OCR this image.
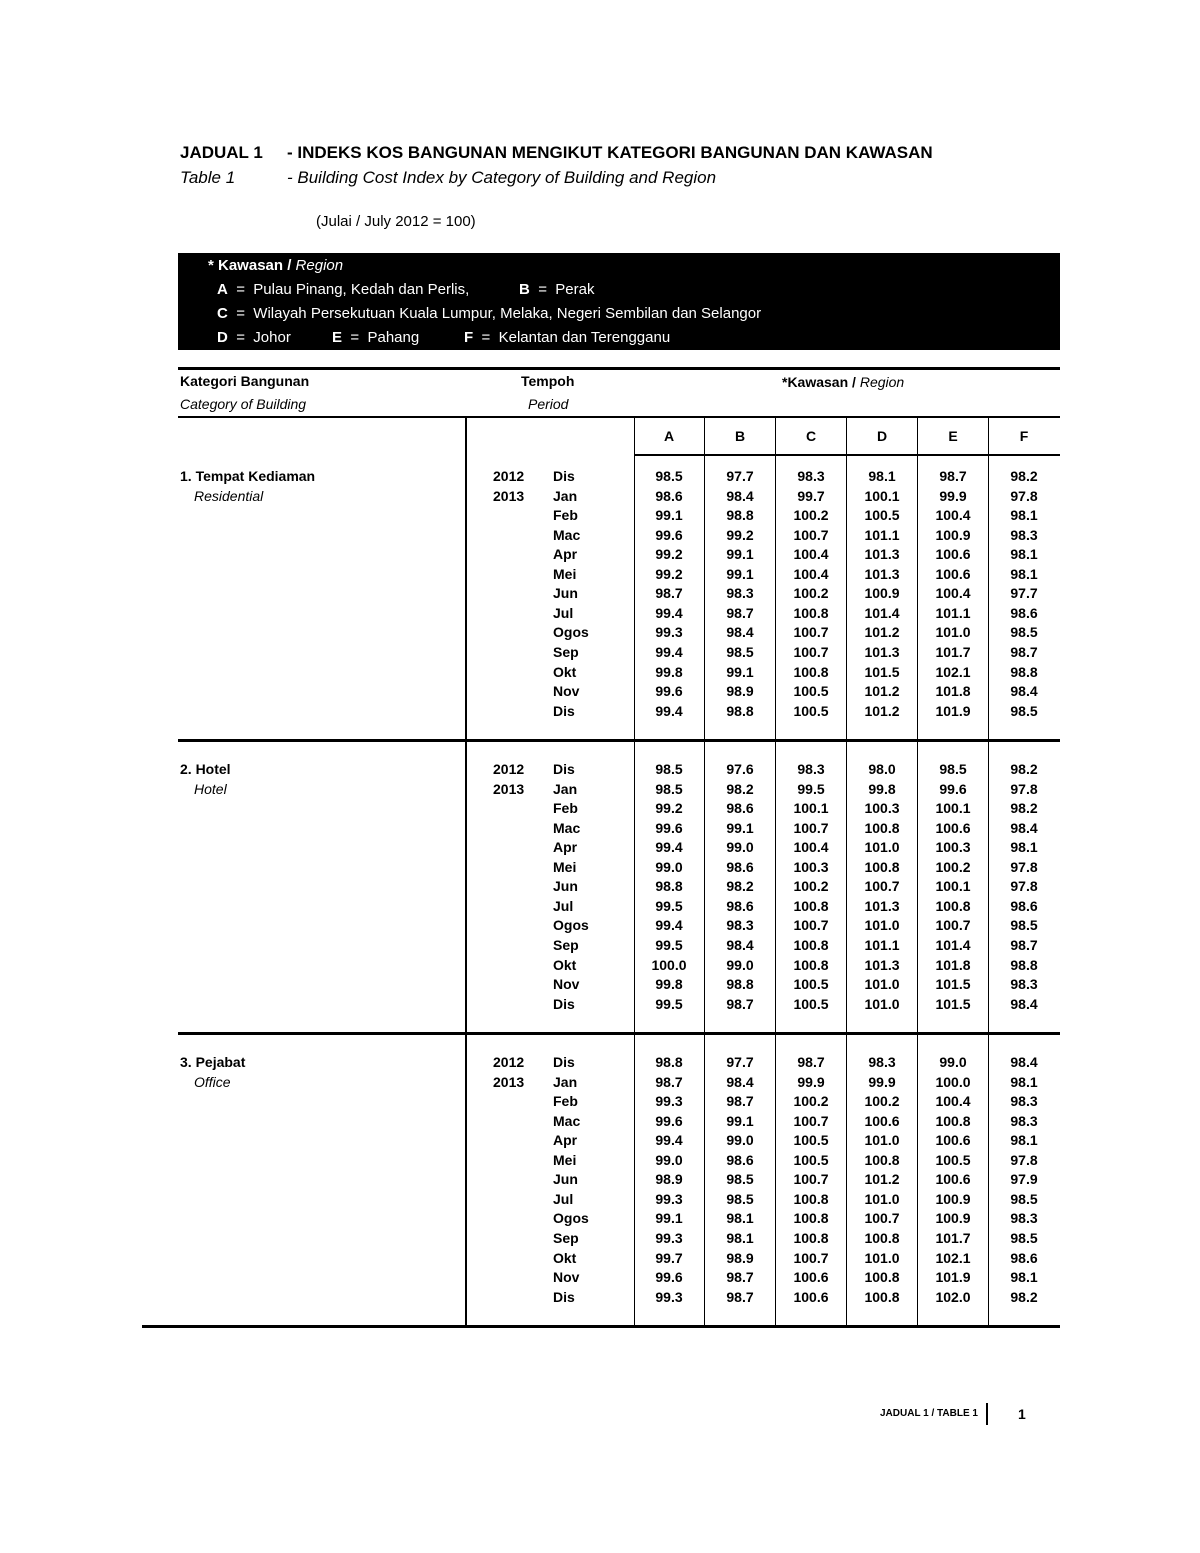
JADUAL 1 - INDEKS KOS BANGUNAN MENGIKUT KATEGORI BANGUNAN DAN KAWASAN
Table 1	- Building Cost Index by Category of Building and Region
(Julai / July 2012 = 100)
* Kawasan / Region
A = Pulau Pinang, Kedah dan Perlis,	B = Perak
C = Wilayah Persekutuan Kuala Lumpur, Melaka, Negeri Sembilan dan Selangor
D = Johor	E = Pahang	F = Kelantan dan Terengganu
Kategori Bangunan
Category of Building
Tempoh
Period
*Kawasan / Region
A	B	C	D	E	F
1. Tempat Kediaman
Residential
2012 Dis	98.5	97.7	98.3	98.1	98.7	98.2
2013 Jan	98.6	98.4	99.7	100.1	99.9	97.8
Feb	99.1	98.8	100.2	100.5	100.4	98.1
Mac	99.6	99.2	100.7	101.1	100.9	98.3
Apr	99.2	99.1	100.4	101.3	100.6	98.1
Mei	99.2	99.1	100.4	101.3	100.6	98.1
Jun	98.7	98.3	100.2	100.9	100.4	97.7
Jul	99.4	98.7	100.8	101.4	101.1	98.6
Ogos	99.3	98.4	100.7	101.2	101.0	98.5
Sep	99.4	98.5	100.7	101.3	101.7	98.7
Okt	99.8	99.1	100.8	101.5	102.1	98.8
Nov	99.6	98.9	100.5	101.2	101.8	98.4
Dis	99.4	98.8	100.5	101.2	101.9	98.5
2. Hotel
Hotel
2012 Dis	98.5	97.6	98.3	98.0	98.5	98.2
2013 Jan	98.5	98.2	99.5	99.8	99.6	97.8
Feb	99.2	98.6	100.1	100.3	100.1	98.2
Mac	99.6	99.1	100.7	100.8	100.6	98.4
Apr	99.4	99.0	100.4	101.0	100.3	98.1
Mei	99.0	98.6	100.3	100.8	100.2	97.8
Jun	98.8	98.2	100.2	100.7	100.1	97.8
Jul	99.5	98.6	100.8	101.3	100.8	98.6
Ogos	99.4	98.3	100.7	101.0	100.7	98.5
Sep	99.5	98.4	100.8	101.1	101.4	98.7
Okt	100.0	99.0	100.8	101.3	101.8	98.8
Nov	99.8	98.8	100.5	101.0	101.5	98.3
Dis	99.5	98.7	100.5	101.0	101.5	98.4
3. Pejabat
Office
2012 Dis	98.8	97.7	98.7	98.3	99.0	98.4
2013 Jan	98.7	98.4	99.9	99.9	100.0	98.1
Feb	99.3	98.7	100.2	100.2	100.4	98.3
Mac	99.6	99.1	100.7	100.6	100.8	98.3
Apr	99.4	99.0	100.5	101.0	100.6	98.1
Mei	99.0	98.6	100.5	100.8	100.5	97.8
Jun	98.9	98.5	100.7	101.2	100.6	97.9
Jul	99.3	98.5	100.8	101.0	100.9	98.5
Ogos	99.1	98.1	100.8	100.7	100.9	98.3
Sep	99.3	98.1	100.8	100.8	101.7	98.5
Okt	99.7	98.9	100.7	101.0	102.1	98.6
Nov	99.6	98.7	100.6	100.8	101.9	98.1
Dis	99.3	98.7	100.6	100.8	102.0	98.2
JADUAL 1 / TABLE 1	1
